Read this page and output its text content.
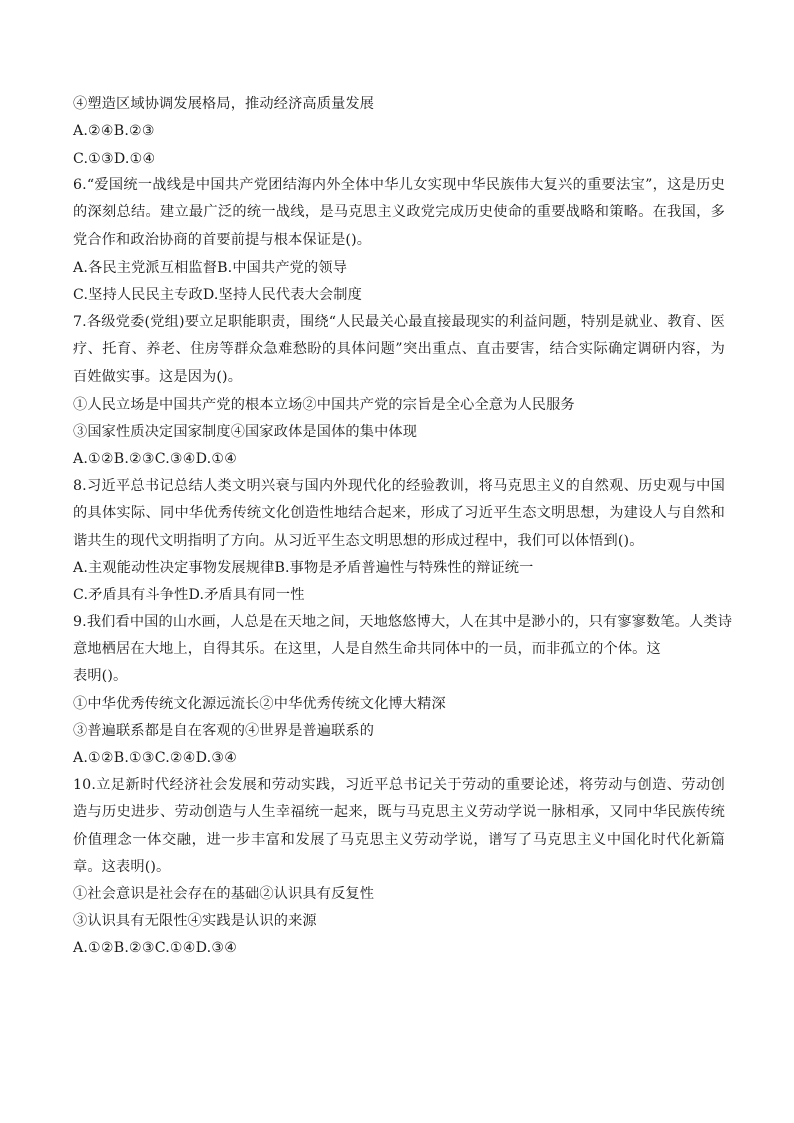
④塑造区域协调发展格局，推动经济高质量发展
A.②④B.②③
C.①③D.①④
6.“爱国统一战线是中国共产党团结海内外全体中华儿女实现中华民族伟大复兴的重要法宝”，这是历史的深刻总结。建立最广泛的统一战线，是马克思主义政党完成历史使命的重要战略和策略。在我国，多党合作和政治协商的首要前提与根本保证是()。
A.各民主党派互相监督B.中国共产党的领导
C.坚持人民民主专政D.坚持人民代表大会制度
7.各级党委(党组)要立足职能职责，围绕“人民最关心最直接最现实的利益问题，特别是就业、教育、医疗、托育、养老、住房等群众急难愁盼的具体问题”突出重点、直击要害，结合实际确定调研内容，为百姓做实事。这是因为()。
①人民立场是中国共产党的根本立场②中国共产党的宗旨是全心全意为人民服务
③国家性质决定国家制度④国家政体是国体的集中体现
A.①②B.②③C.③④D.①④
8.习近平总书记总结人类文明兴衰与国内外现代化的经验教训，将马克思主义的自然观、历史观与中国的具体实际、同中华优秀传统文化创造性地结合起来，形成了习近平生态文明思想，为建设人与自然和谐共生的现代文明指明了方向。从习近平生态文明思想的形成过程中，我们可以体悟到()。
A.主观能动性决定事物发展规律B.事物是矛盾普遍性与特殊性的辩证统一
C.矛盾具有斗争性D.矛盾具有同一性
9.我们看中国的山水画，人总是在天地之间，天地悠悠博大，人在其中是渺小的，只有寥寥数笔。人类诗
意地栖居在大地上，自得其乐。在这里，人是自然生命共同体中的一员，而非孤立的个体。这
表明()。
①中华优秀传统文化源远流长②中华优秀传统文化博大精深
③普遍联系都是自在客观的④世界是普遍联系的
A.①②B.①③C.②④D.③④
10.立足新时代经济社会发展和劳动实践，习近平总书记关于劳动的重要论述，将劳动与创造、劳动创造与历史进步、劳动创造与人生幸福统一起来，既与马克思主义劳动学说一脉相承，又同中华民族传统价值理念一体交融，进一步丰富和发展了马克思主义劳动学说，谱写了马克思主义中国化时代化新篇章。这表明()。
①社会意识是社会存在的基础②认识具有反复性
③认识具有无限性④实践是认识的来源
A.①②B.②③C.①④D.③④
